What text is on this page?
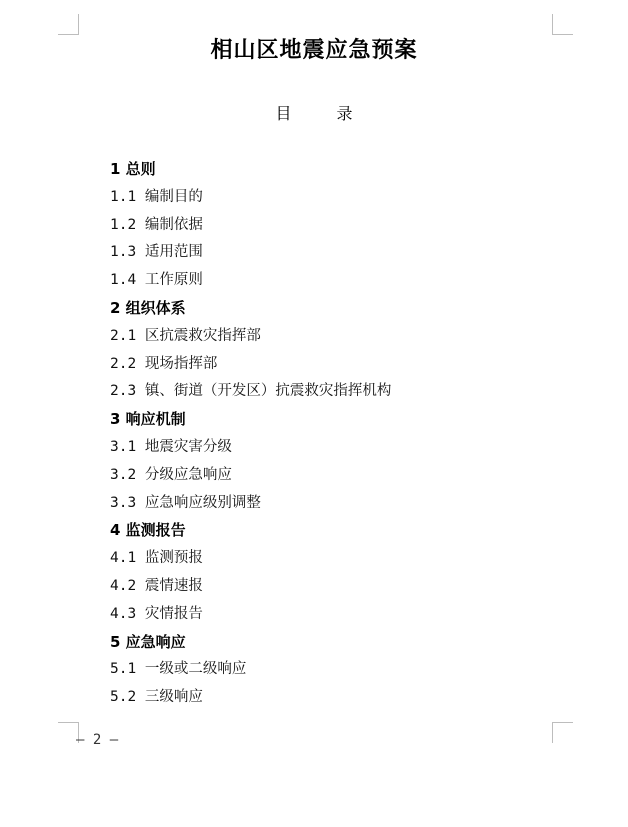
相山区地震应急预案
目 录
1 总则
1.1 编制目的
1.2 编制依据
1.3 适用范围
1.4 工作原则
2 组织体系
2.1 区抗震救灾指挥部
2.2 现场指挥部
2.3 镇、街道（开发区）抗震救灾指挥机构
3 响应机制
3.1 地震灾害分级
3.2 分级应急响应
3.3 应急响应级别调整
4 监测报告
4.1 监测预报
4.2 震情速报
4.3 灾情报告
5 应急响应
5.1 一级或二级响应
5.2 三级响应
— 2 —
